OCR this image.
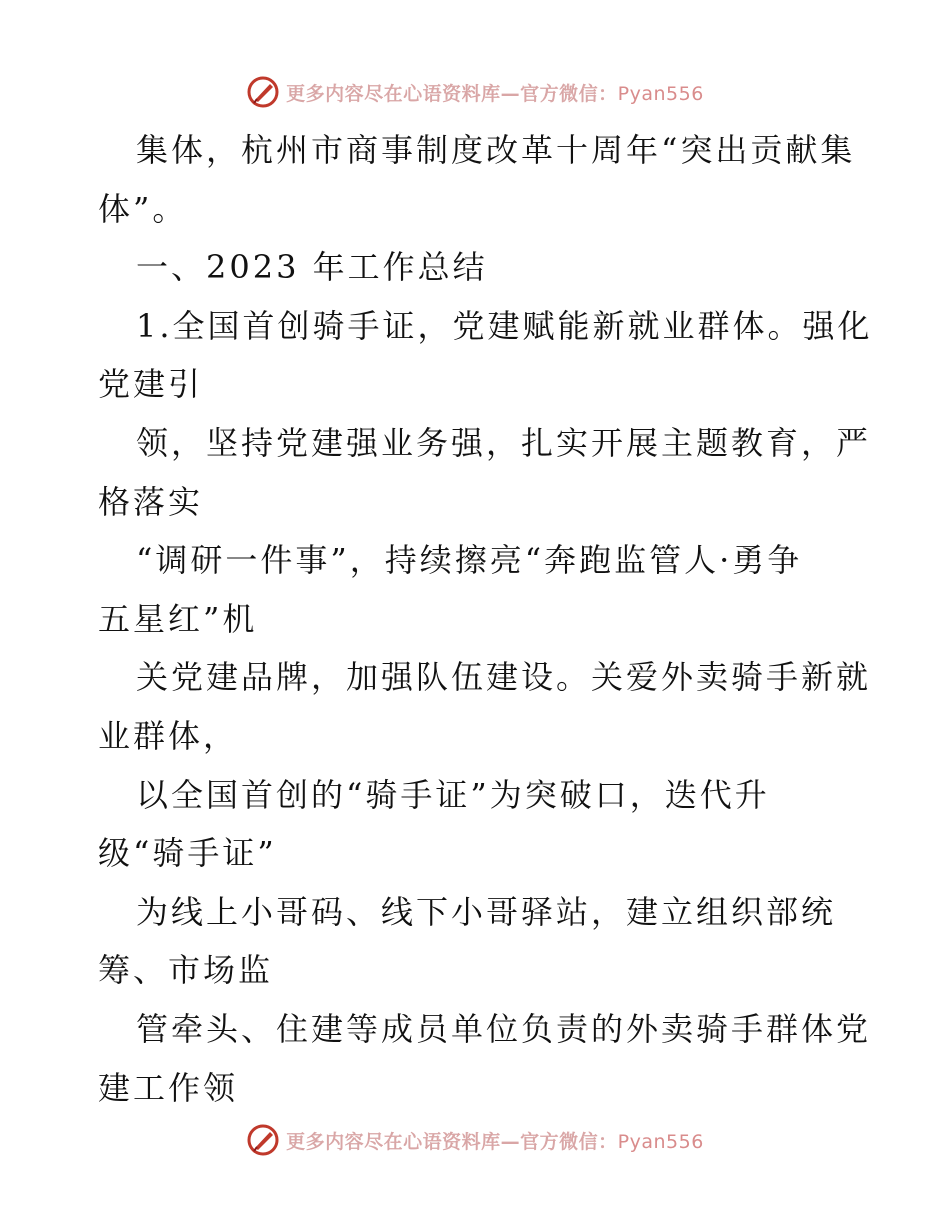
更多内容尽在心语资料库—官方微信：Pyan556
集体，杭州市商事制度改革十周年“突出贡献集
体”。
一、2023 年工作总结
1.全国首创骑手证，党建赋能新就业群体。强化
党建引
领，坚持党建强业务强，扎实开展主题教育，严
格落实
“调研一件事”，持续擦亮“奔跑监管人·勇争
五星红”机
关党建品牌，加强队伍建设。关爱外卖骑手新就
业群体，
以全国首创的“骑手证”为突破口，迭代升
级“骑手证”
为线上小哥码、线下小哥驿站，建立组织部统
筹、市场监
管牵头、住建等成员单位负责的外卖骑手群体党
建工作领
更多内容尽在心语资料库—官方微信：Pyan556
